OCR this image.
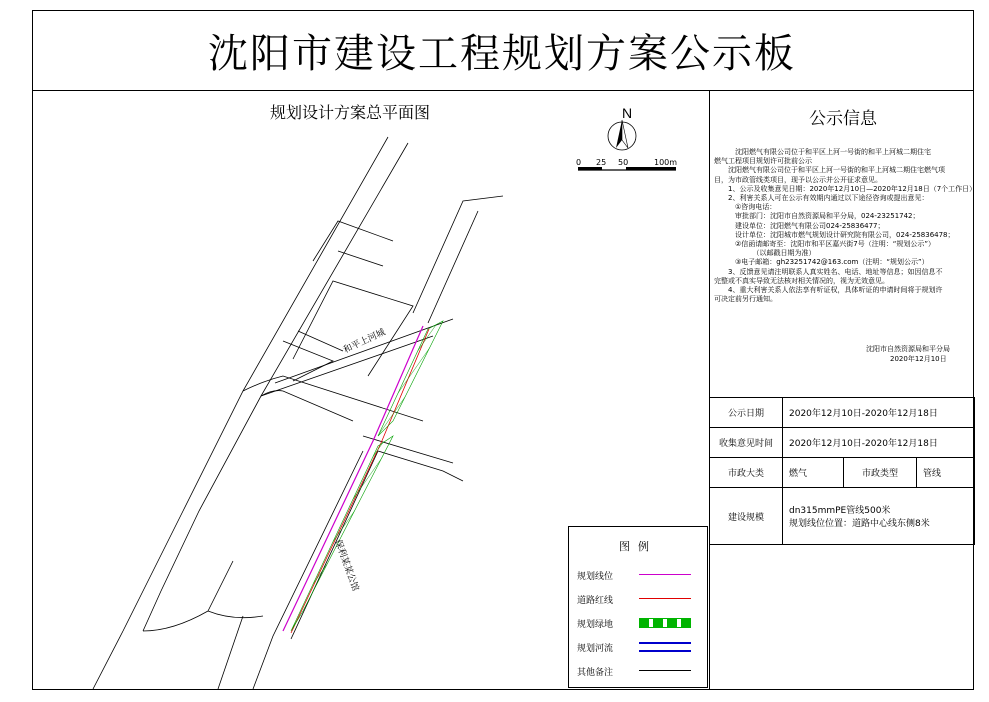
沈阳市建设工程规划方案公示板
规划设计方案总平面图	N
0 25 50	100m
和平上河城
保利某某公馆
公示信息

　　　沈阳燃气有限公司位于和平区上河一号街的和平上河城二期住宅

燃气工程项目规划许可批前公示

　　沈阳燃气有限公司位于和平区上河一号街的和平上河城二期住宅燃气项

目，为市政管线类项目，现予以公示并公开征求意见。

　　1、公示及收集意见日期：2020年12月10日—2020年12月18日（7个工作日）

　　2、利害关系人可在公示有效期内通过以下途径咨询或提出意见：

　　　①咨询电话：

　　　审批部门：沈阳市自然资源局和平分局，024-23251742；

　　　建设单位：沈阳燃气有限公司024-25836477；

　　　设计单位：沈阳城市燃气规划设计研究院有限公司，024-25836478；

　　　②信函请邮寄至：沈阳市和平区嘉兴街7号（注明：“规划公示”）

　　　　　　（以邮戳日期为准）

　　　③电子邮箱：gh23251742@163.com（注明：“规划公示”）

　　3、反馈意见请注明联系人真实姓名、电话、地址等信息；如因信息不

完整或不真实导致无法核对相关情况的，视为无效意见。

　　4、重大利害关系人依法享有听证权，具体听证的申请时间将于规划许

可决定前另行通知。

沈阳市自然资源局和平分局
2020年12月10日
公示日期	2020年12月10日-2020年12月18日		
收集意见时间	2020年12月10日-2020年12月18日		
市政大类	燃气	市政类型	管线
建设规模	dn315mmPE管线500米
规划线位位置：道路中心线东侧8米		
图例
规划线位
道路红线
规划绿地
规划河流
其他备注
